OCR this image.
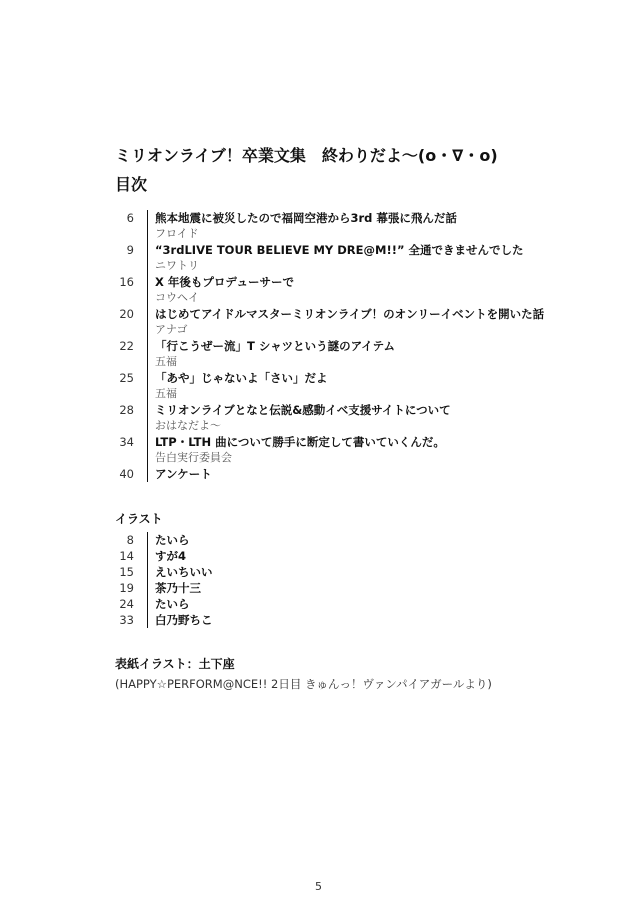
ミリオンライブ！卒業文集　終わりだよ〜(o・∇・o)
目次
6	熊本地震に被災したので福岡空港から3rd 幕張に飛んだ話
フロイド
9	“3rdLIVE TOUR BELIEVE MY DRE@M!!” 全通できませんでした
ニワトリ
16	X 年後もプロデューサーで
コウヘイ
20	はじめてアイドルマスターミリオンライブ！のオンリーイベントを開いた話
アナゴ
22	「行こうぜー流」T シャツという謎のアイテム
五福
25	「あや」じゃないよ「さい」だよ
五福
28	ミリオンライブとなと伝説&感動イベ支援サイトについて
おはなだよ〜
34	LTP・LTH 曲について勝手に断定して書いていくんだ。
告白実行委員会
40	アンケート
イラスト
8	たいら
14	すが4
15	えいちいい
19	茶乃十三
24	たいら
33	白乃野ちこ

表紙イラスト：土下座

(HAPPY☆PERFORM@NCE!! 2日目 きゅんっ！ヴァンパイアガールより)

5
